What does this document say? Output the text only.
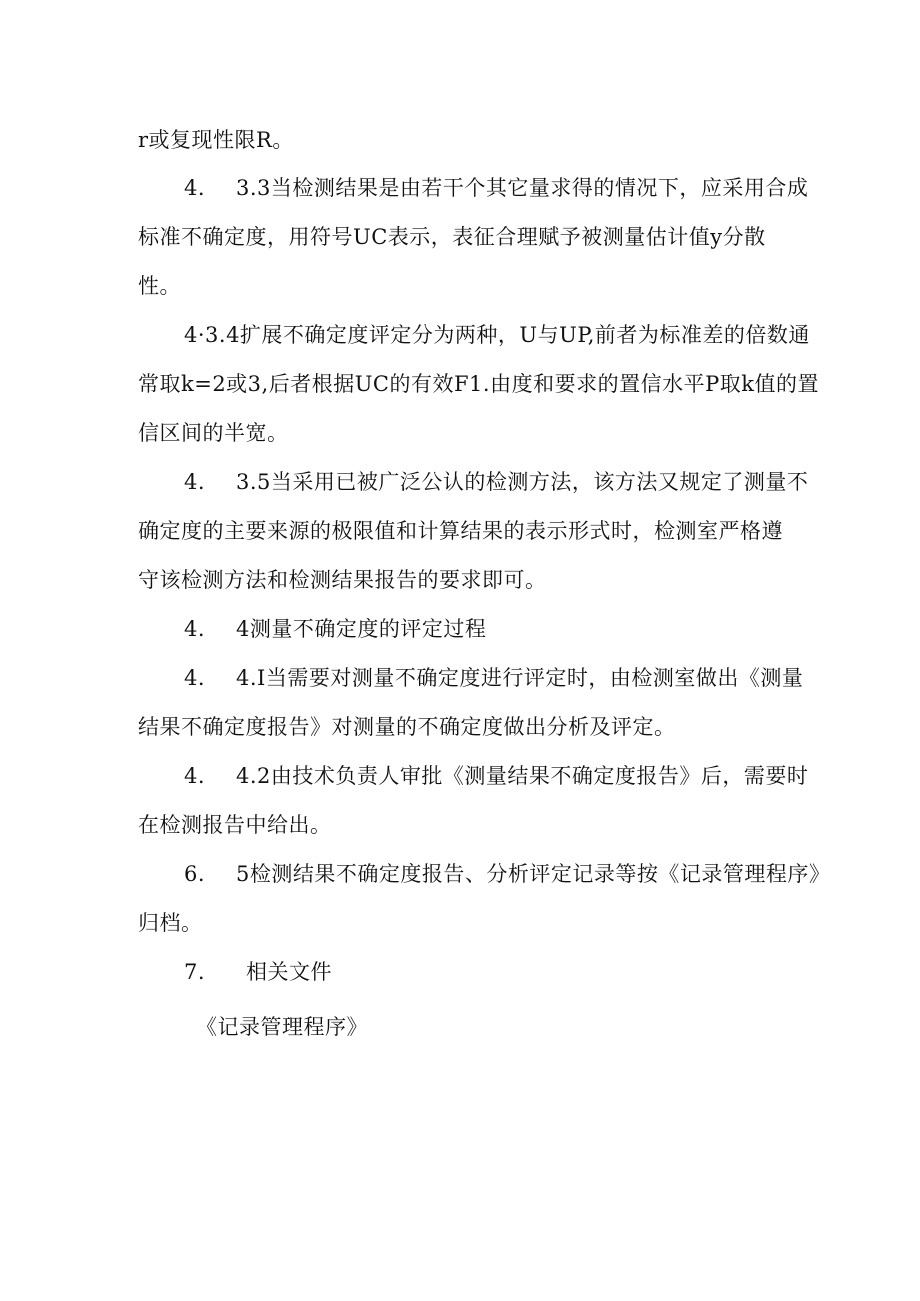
r或复现性限R。
4. 3.3当检测结果是由若干个其它量求得的情况下，应采用合成
标准不确定度，用符号UC表示，表征合理赋予被测量估计值y分散
性。
4·3.4扩展不确定度评定分为两种，U与UP,前者为标准差的倍数通
常取k=2或3,后者根据UC的有效F1.由度和要求的置信水平P取k值的置
信区间的半宽。
4. 3.5当采用已被广泛公认的检测方法，该方法又规定了测量不
确定度的主要来源的极限值和计算结果的表示形式时，检测室严格遵
守该检测方法和检测结果报告的要求即可。
4. 4测量不确定度的评定过程
4. 4.I当需要对测量不确定度进行评定时，由检测室做出《测量
结果不确定度报告》对测量的不确定度做出分析及评定。
4. 4.2由技术负责人审批《测量结果不确定度报告》后，需要时
在检测报告中给出。
6. 5检测结果不确定度报告、分析评定记录等按《记录管理程序》
归档。
7. 相关文件
《记录管理程序》
